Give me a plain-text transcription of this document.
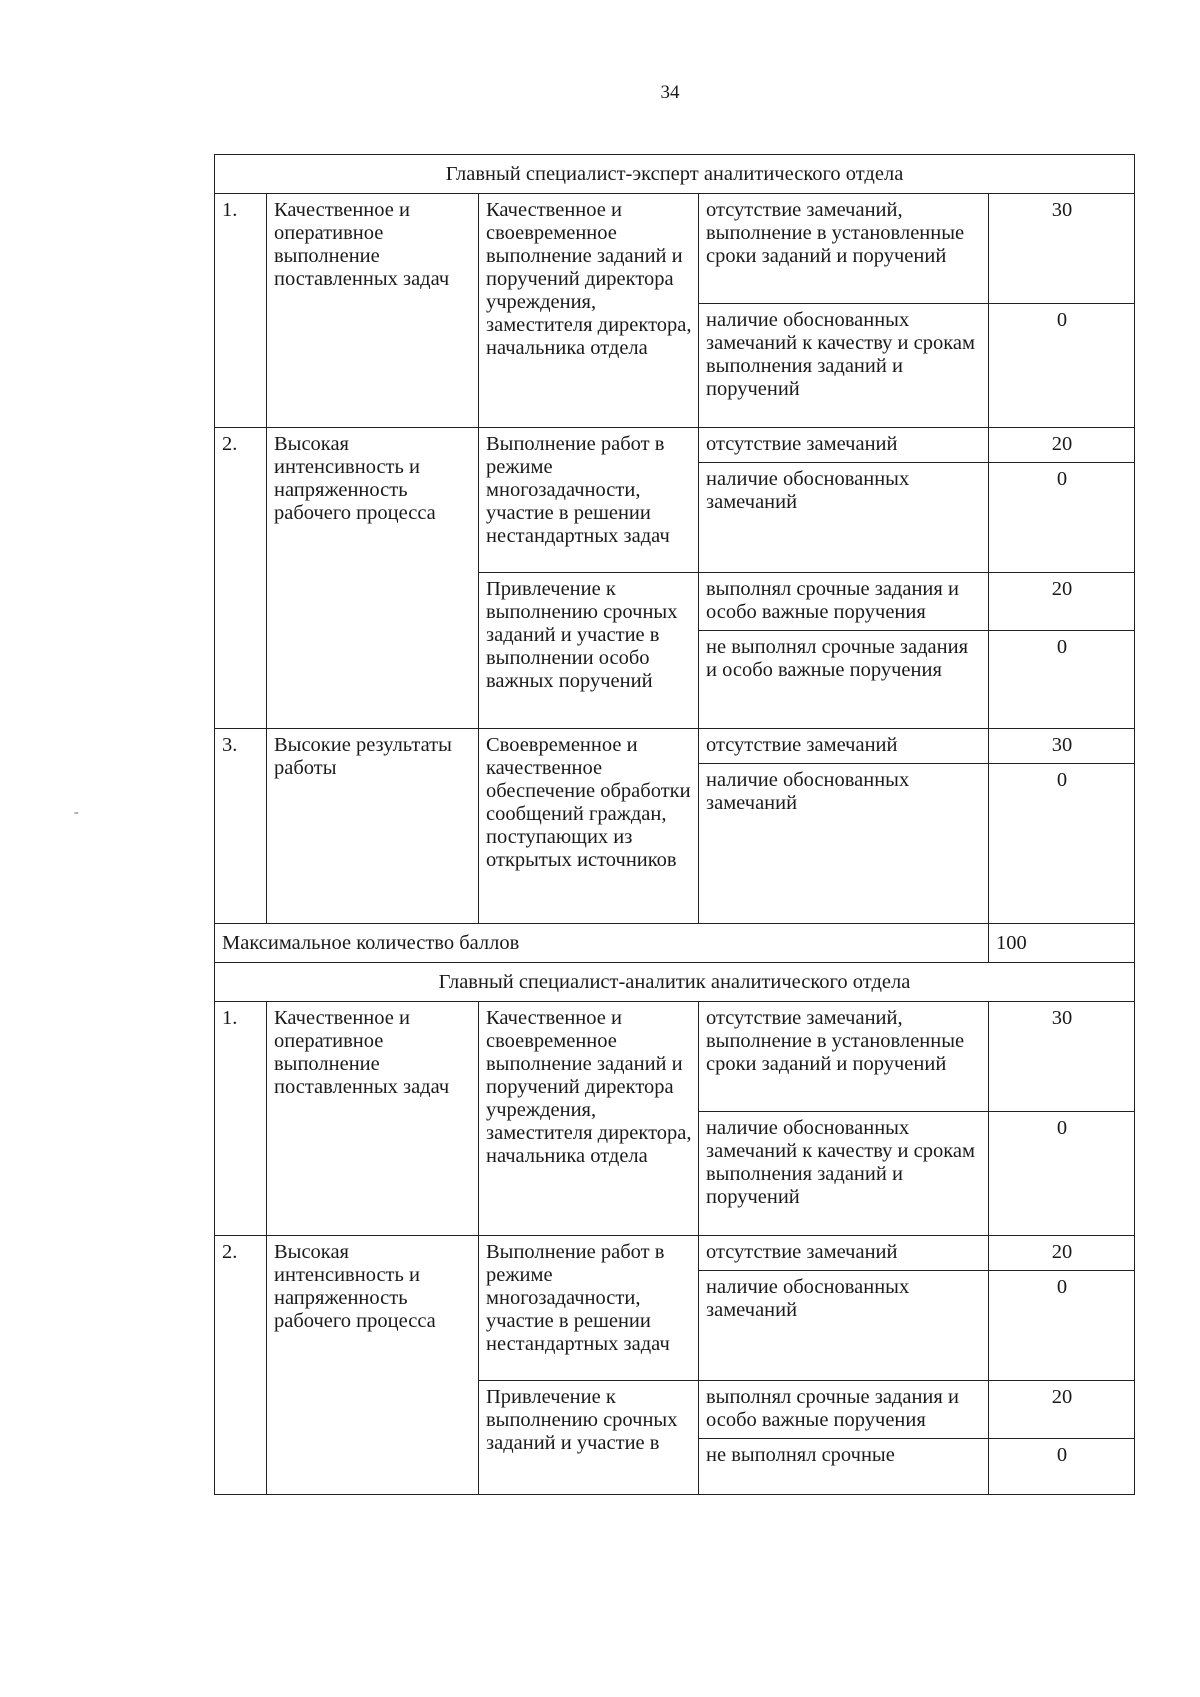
34
-
Главный специалист-эксперт аналитического отдела				
1.	Качественное и оперативное выполнение поставленных задач	Качественное и своевременное выполнение заданий и поручений директора учреждения, заместителя директора, начальника отдела	отсутствие замечаний, выполнение в установленные сроки заданий и поручений	30
			наличие обоснованных замечаний к качеству и срокам выполнения заданий и поручений	0
2.	Высокая интенсивность и напряженность рабочего процесса	Выполнение работ в режиме многозадачности, участие в решении нестандартных задач	отсутствие замечаний	20
			наличие обоснованных замечаний	0
		Привлечение к выполнению срочных заданий и участие в выполнении особо важных поручений	выполнял срочные задания и особо важные поручения	20
			не выполнял срочные задания и особо важные поручения	0
3.	Высокие результаты работы	Своевременное и качественное обеспечение обработки сообщений граждан, поступающих из открытых источников	отсутствие замечаний	30
			наличие обоснованных замечаний	0
Максимальное количество баллов				100
Главный специалист-аналитик аналитического отдела				
1.	Качественное и оперативное выполнение поставленных задач	Качественное и своевременное выполнение заданий и поручений директора учреждения, заместителя директора, начальника отдела	отсутствие замечаний, выполнение в установленные сроки заданий и поручений	30
			наличие обоснованных замечаний к качеству и срокам выполнения заданий и поручений	0
2.	Высокая интенсивность и напряженность рабочего процесса	Выполнение работ в режиме многозадачности, участие в решении нестандартных задач	отсутствие замечаний	20
			наличие обоснованных замечаний	0
		Привлечение к выполнению срочных заданий и участие в	выполнял срочные задания и особо важные поручения	20
			не выполнял срочные	0
